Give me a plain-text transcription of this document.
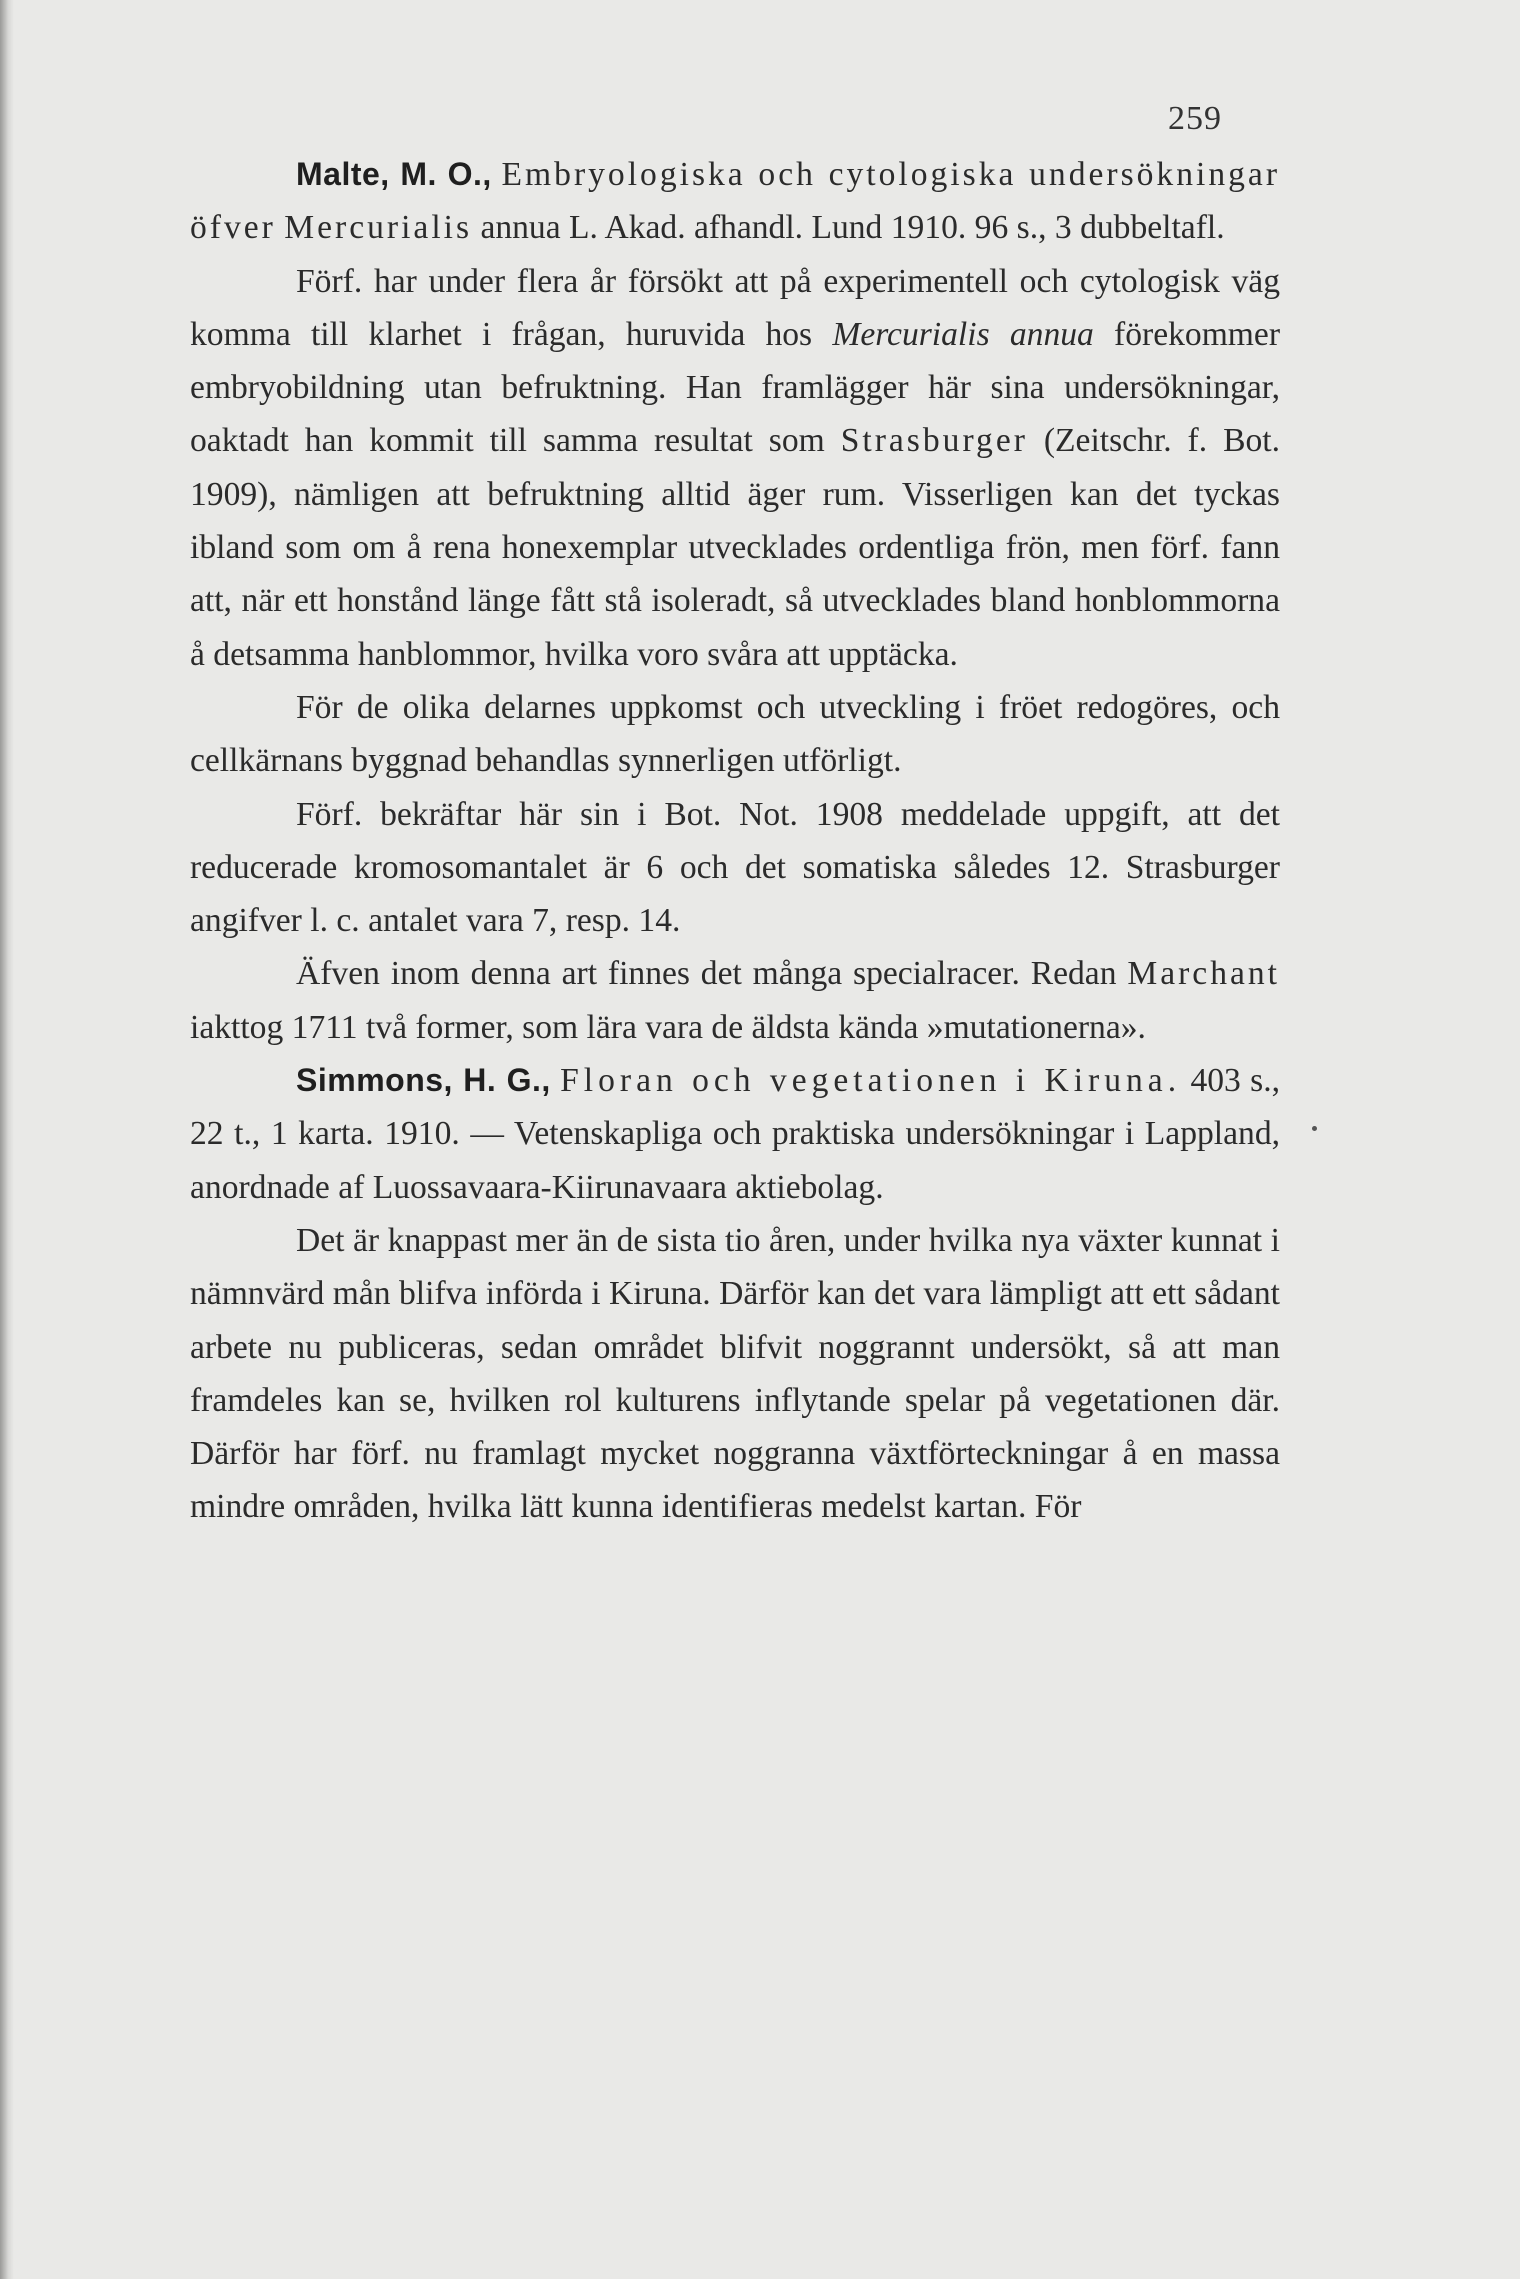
259

Malte, M. O., Embryologiska och cytologiska undersökningar öfver Mercurialis annua L. Akad. afhandl. Lund 1910. 96 s., 3 dubbeltafl.

Förf. har under flera år försökt att på experimentell och cytologisk väg komma till klarhet i frågan, huruvida hos Mercurialis annua förekommer embryobildning utan befruktning. Han framlägger här sina undersökningar, oaktadt han kommit till samma resultat som Strasburger (Zeitschr. f. Bot. 1909), nämligen att befruktning alltid äger rum. Visserligen kan det tyckas ibland som om å rena honexemplar utvecklades ordentliga frön, men förf. fann att, när ett honstånd länge fått stå isoleradt, så utvecklades bland honblommorna å detsamma hanblommor, hvilka voro svåra att upptäcka.

För de olika delarnes uppkomst och utveckling i fröet redogöres, och cellkärnans byggnad behandlas synnerligen utförligt.

Förf. bekräftar här sin i Bot. Not. 1908 meddelade uppgift, att det reducerade kromosomantalet är 6 och det somatiska således 12. Strasburger angifver l. c. antalet vara 7, resp. 14.

Äfven inom denna art finnes det många specialracer. Redan Marchant iakttog 1711 två former, som lära vara de äldsta kända »mutationerna».

Simmons, H. G., Floran och vegetationen i Kiruna. 403 s., 22 t., 1 karta. 1910. — Vetenskapliga och praktiska undersökningar i Lappland, anordnade af Luossavaara-Kiirunavaara aktiebolag.

Det är knappast mer än de sista tio åren, under hvilka nya växter kunnat i nämnvärd mån blifva införda i Kiruna. Därför kan det vara lämpligt att ett sådant arbete nu publiceras, sedan området blifvit noggrannt undersökt, så att man framdeles kan se, hvilken rol kulturens inflytande spelar på vegetationen där. Därför har förf. nu framlagt mycket noggranna växtförteckningar å en massa mindre områden, hvilka lätt kunna identifieras medelst kartan. För
